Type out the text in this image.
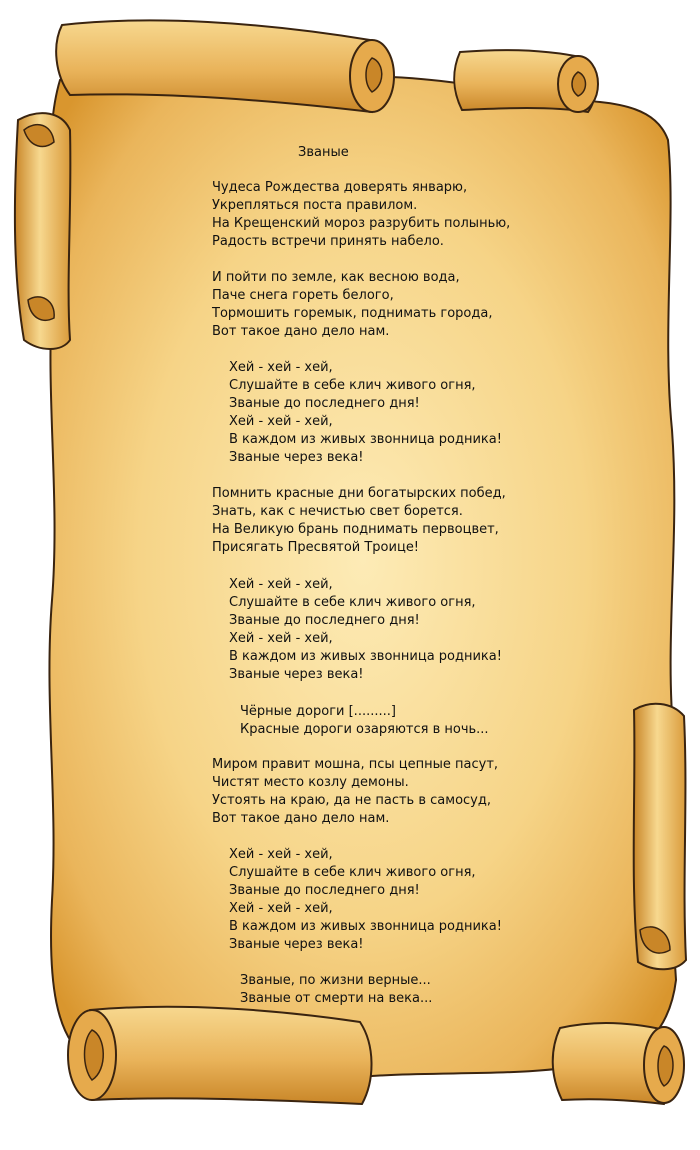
Званые
Чудеса Рождества доверять январю,
Укрепляться поста правилом.
На Крещенский мороз разрубить полынью,
Радость встречи принять набело.
И пойти по земле, как весною вода,
Паче снега гореть белого,
Тормошить горемык, поднимать города,
Вот такое дано дело нам.
Хей - хей - хей,
Слушайте в себе клич живого огня,
Званые до последнего дня!
Хей - хей - хей,
В каждом из живых звонница родника!
Званые через века!
Помнить красные дни богатырских побед,
Знать, как с нечистью свет борется.
На Великую брань поднимать первоцвет,
Присягать Пресвятой Троице!
Хей - хей - хей,
Слушайте в себе клич живого огня,
Званые до последнего дня!
Хей - хей - хей,
В каждом из живых звонница родника!
Званые через века!
Чёрные дороги [.........]
Красные дороги озаряются в ночь...
Миром правит мошна, псы цепные пасут,
Чистят место козлу демоны.
Устоять на краю, да не пасть в самосуд,
Вот такое дано дело нам.
Хей - хей - хей,
Слушайте в себе клич живого огня,
Званые до последнего дня!
Хей - хей - хей,
В каждом из живых звонница родника!
Званые через века!
Званые, по жизни верные...
Званые от смерти на века...
